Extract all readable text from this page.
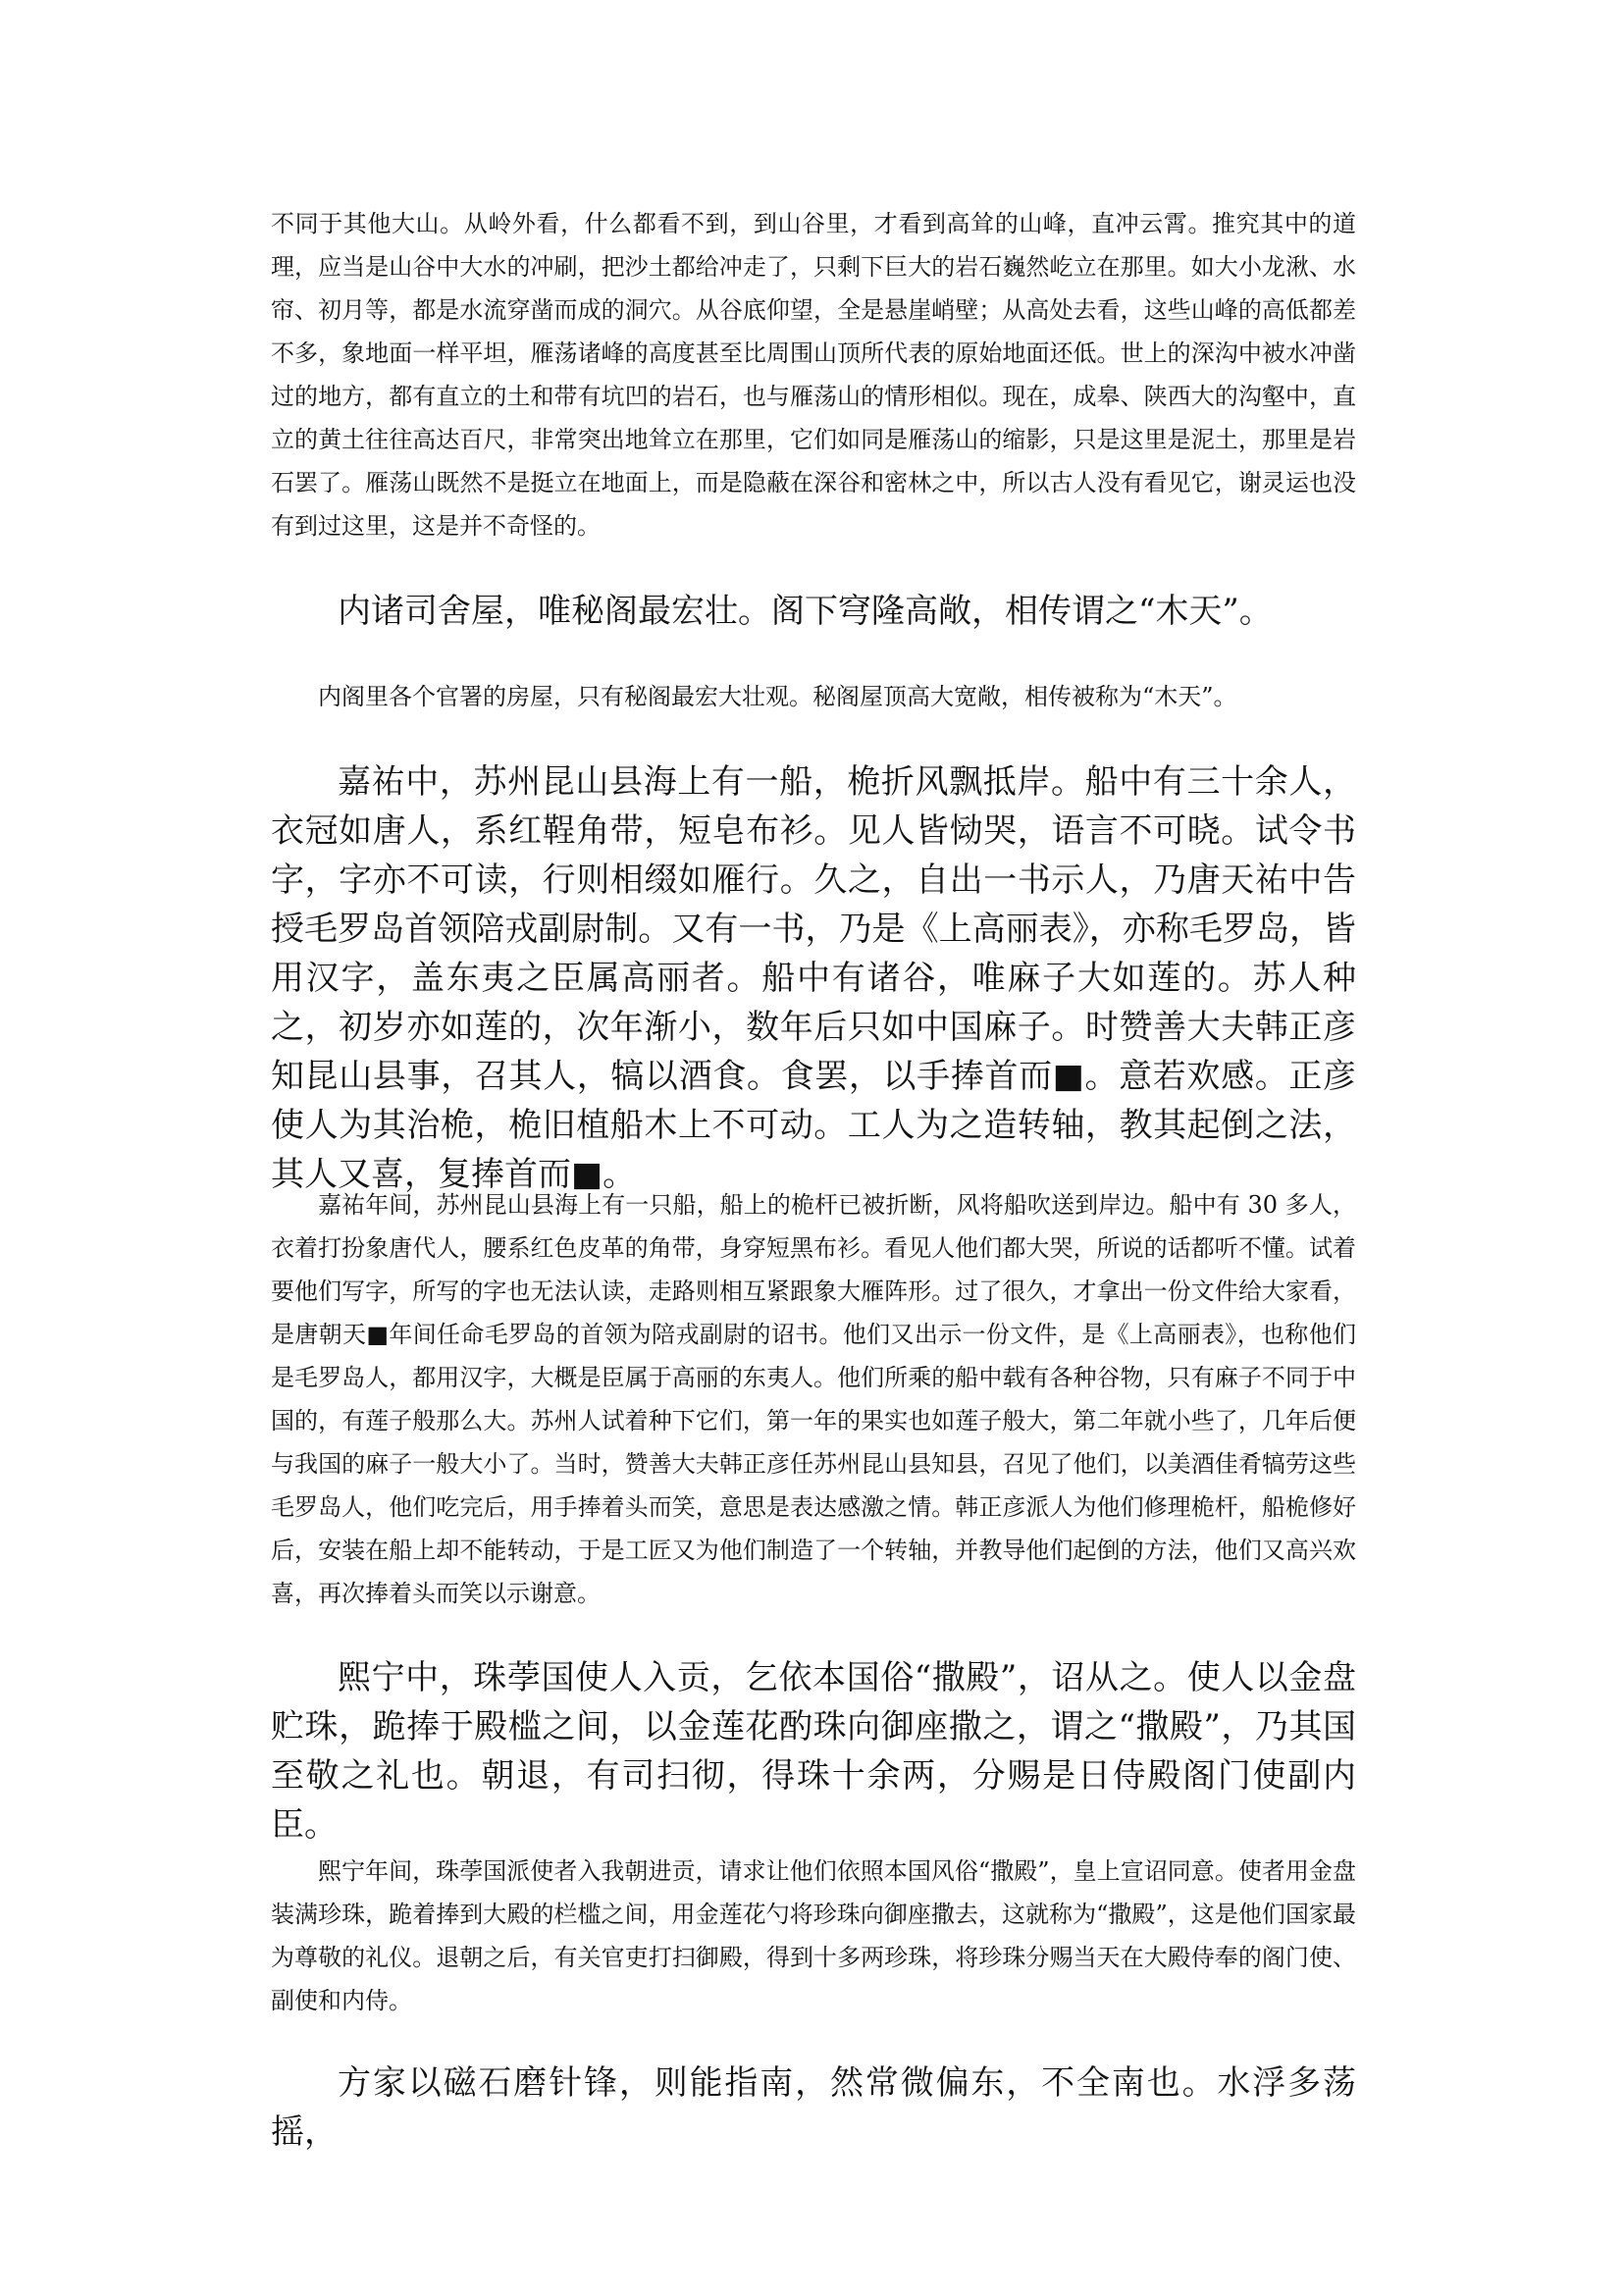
不同于其他大山。从岭外看，什么都看不到，到山谷里，才看到高耸的山峰，直冲云霄。推究其中的道理，应当是山谷中大水的冲刷，把沙土都给冲走了，只剩下巨大的岩石巍然屹立在那里。如大小龙湫、水帘、初月等，都是水流穿凿而成的洞穴。从谷底仰望，全是悬崖峭壁；从高处去看，这些山峰的高低都差不多，象地面一样平坦，雁荡诸峰的高度甚至比周围山顶所代表的原始地面还低。世上的深沟中被水冲凿过的地方，都有直立的土和带有坑凹的岩石，也与雁荡山的情形相似。现在，成皋、陕西大的沟壑中，直立的黄土往往高达百尺，非常突出地耸立在那里，它们如同是雁荡山的缩影，只是这里是泥土，那里是岩石罢了。雁荡山既然不是挺立在地面上，而是隐蔽在深谷和密林之中，所以古人没有看见它，谢灵运也没有到过这里，这是并不奇怪的。

内诸司舍屋，唯秘阁最宏壮。阁下穹隆高敞，相传谓之“木天”。

内阁里各个官署的房屋，只有秘阁最宏大壮观。秘阁屋顶高大宽敞，相传被称为“木天”。

嘉祐中，苏州昆山县海上有一船，桅折风飘抵岸。船中有三十余人，衣冠如唐人，系红鞓角带，短皂布衫。见人皆恸哭，语言不可晓。试令书字，字亦不可读，行则相缀如雁行。久之，自出一书示人，乃唐天祐中告授毛罗岛首领陪戎副尉制。又有一书，乃是《上高丽表》，亦称毛罗岛，皆用汉字，盖东夷之臣属高丽者。船中有诸谷，唯麻子大如莲的。苏人种之，初岁亦如莲的，次年渐小，数年后只如中国麻子。时赞善大夫韩正彦知昆山县事，召其人，犒以酒食。食罢，以手捧首而■。意若欢感。正彦使人为其治桅，桅旧植船木上不可动。工人为之造转轴，教其起倒之法，其人又喜，复捧首而■。

嘉祐年间，苏州昆山县海上有一只船，船上的桅杆已被折断，风将船吹送到岸边。船中有 30 多人，衣着打扮象唐代人，腰系红色皮革的角带，身穿短黑布衫。看见人他们都大哭，所说的话都听不懂。试着要他们写字，所写的字也无法认读，走路则相互紧跟象大雁阵形。过了很久，才拿出一份文件给大家看，是唐朝天■年间任命毛罗岛的首领为陪戎副尉的诏书。他们又出示一份文件，是《上高丽表》，也称他们是毛罗岛人，都用汉字，大概是臣属于高丽的东夷人。他们所乘的船中载有各种谷物，只有麻子不同于中国的，有莲子般那么大。苏州人试着种下它们，第一年的果实也如莲子般大，第二年就小些了，几年后便与我国的麻子一般大小了。当时，赞善大夫韩正彦任苏州昆山县知县，召见了他们，以美酒佳肴犒劳这些毛罗岛人，他们吃完后，用手捧着头而笑，意思是表达感激之情。韩正彦派人为他们修理桅杆，船桅修好后，安装在船上却不能转动，于是工匠又为他们制造了一个转轴，并教导他们起倒的方法，他们又高兴欢喜，再次捧着头而笑以示谢意。

熙宁中，珠荸国使人入贡，乞依本国俗“撒殿”，诏从之。使人以金盘贮珠，跪捧于殿槛之间，以金莲花酌珠向御座撒之，谓之“撒殿”，乃其国至敬之礼也。朝退，有司扫彻，得珠十余两，分赐是日侍殿阁门使副内臣。

熙宁年间，珠荸国派使者入我朝进贡，请求让他们依照本国风俗“撒殿”，皇上宣诏同意。使者用金盘装满珍珠，跪着捧到大殿的栏槛之间，用金莲花勺将珍珠向御座撒去，这就称为“撒殿”，这是他们国家最为尊敬的礼仪。退朝之后，有关官吏打扫御殿，得到十多两珍珠，将珍珠分赐当天在大殿侍奉的阁门使、副使和内侍。

方家以磁石磨针锋，则能指南，然常微偏东，不全南也。水浮多荡摇，
